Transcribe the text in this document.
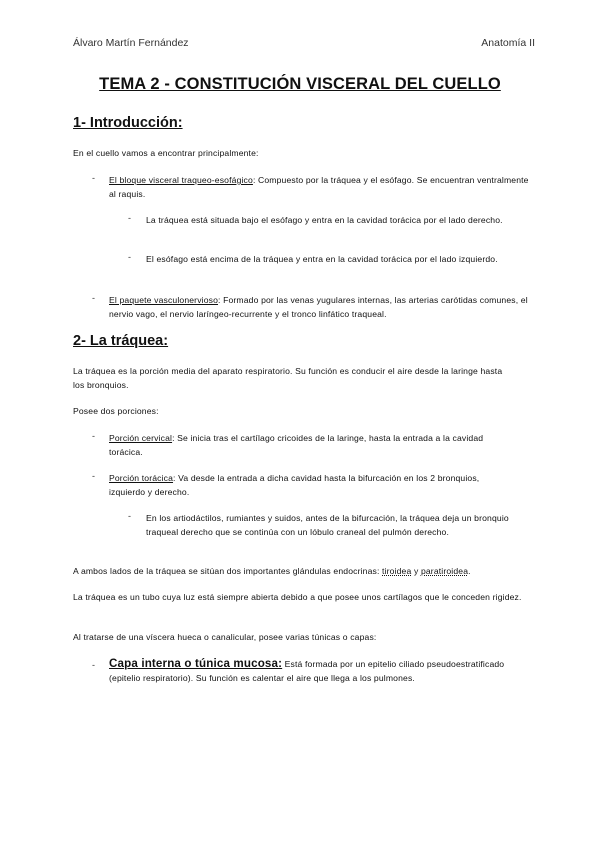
Álvaro Martín Fernández	Anatomía II
TEMA 2 - CONSTITUCIÓN VISCERAL DEL CUELLO
1- Introducción:
En el cuello vamos a encontrar principalmente:
- El bloque visceral traqueo-esofágico: Compuesto por la tráquea y el esófago. Se encuentran ventralmente al raquis.
- La tráquea está situada bajo el esófago y entra en la cavidad torácica por el lado derecho.
- El esófago está encima de la tráquea y entra en la cavidad torácica por el lado izquierdo.
- El paquete vasculonervioso: Formado por las venas yugulares internas, las arterias carótidas comunes, el nervio vago, el nervio laríngeo-recurrente y el tronco linfático traqueal.
2- La tráquea:
La tráquea es la porción media del aparato respiratorio. Su función es conducir el aire desde la laringe hasta los bronquios.
Posee dos porciones:
- Porción cervical: Se inicia tras el cartílago cricoides de la laringe, hasta la entrada a la cavidad torácica.
- Porción torácica: Va desde la entrada a dicha cavidad hasta la bifurcación en los 2 bronquios, izquierdo y derecho.
- En los artiodáctilos, rumiantes y suidos, antes de la bifurcación, la tráquea deja un bronquio traqueal derecho que se continúa con un lóbulo craneal del pulmón derecho.
A ambos lados de la tráquea se sitúan dos importantes glándulas endocrinas: tiroidea y paratiroidea.
La tráquea es un tubo cuya luz está siempre abierta debido a que posee unos cartílagos que le conceden rigidez.
Al tratarse de una víscera hueca o canalicular, posee varias túnicas o capas:
- Capa interna o túnica mucosa: Está formada por un epitelio ciliado pseudoestratificado (epitelio respiratorio). Su función es calentar el aire que llega a los pulmones.
